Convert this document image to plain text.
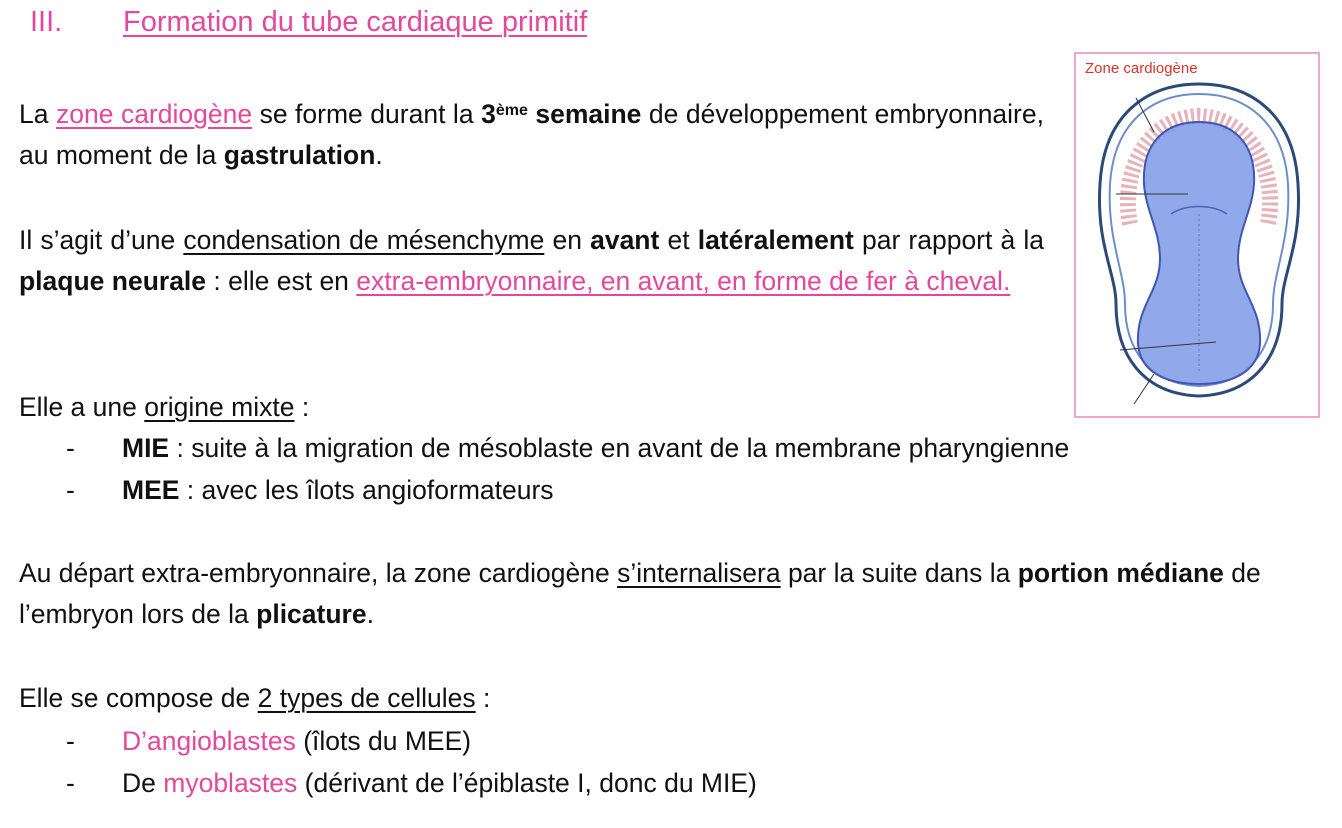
III. Formation du tube cardiaque primitif

La zone cardiogène se forme durant la 3ème semaine de développement embryonnaire, au moment de la gastrulation.

Il s’agit d’une condensation de mésenchyme en avant et latéralement par rapport à la plaque neurale : elle est en extra-embryonnaire, en avant, en forme de fer à cheval.

Elle a une origine mixte :

- MIE : suite à la migration de mésoblaste en avant de la membrane pharyngienne
- MEE : avec les îlots angioformateurs

Au départ extra-embryonnaire, la zone cardiogène s’internalisera par la suite dans la portion médiane de l’embryon lors de la plicature.

Elle se compose de 2 types de cellules :

- D’angioblastes (îlots du MEE)
- De myoblastes (dérivant de l’épiblaste I, donc du MIE)
Zone cardiogène
